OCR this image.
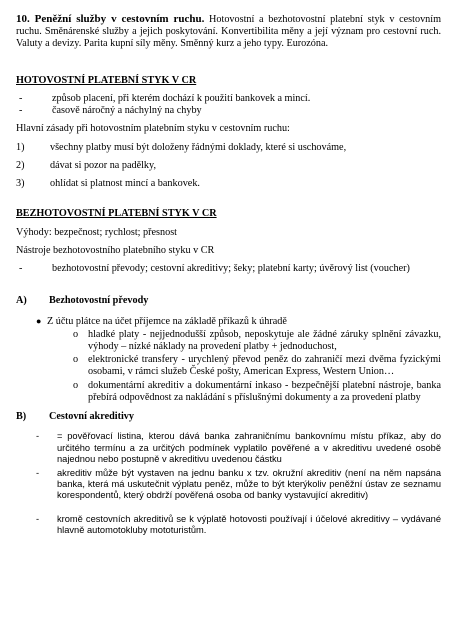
10. Peněžní služby v cestovním ruchu. Hotovostní a bezhotovostní platební styk v cestovním ruchu. Směnárenské služby a jejich poskytování. Konvertibilita měny a její význam pro cestovní ruch. Valuty a devizy. Parita kupní síly měny. Směnný kurz a jeho typy. Eurozóna.

HOTOVOSTNÍ PLATEBNÍ STYK V CR
-	způsob placení, při kterém dochází k použití bankovek a mincí.
-	časově náročný a náchylný na chyby

Hlavní zásady při hotovostním platebním styku v cestovním ruchu:

1)	všechny platby musí být doloženy řádnými doklady, které si uschováme,
2)	dávat si pozor na padělky,
3)	ohlídat si platnost mincí a bankovek.
BEZHOTOVOSTNÍ PLATEBNÍ STYK V CR

Výhody: bezpečnost; rychlost; přesnost

Nástroje bezhotovostního platebního styku v CR

-	bezhotovostní převody; cestovní akreditivy; šeky; platební karty; úvěrový list (voucher)
A)	Bezhotovostní převody
● Z účtu plátce na účet příjemce na základě příkazů k úhradě
o hladké platy - nejjednodušší způsob, neposkytuje ale žádné záruky splnění závazku, výhody – nízké náklady na provedení platby + jednoduchost,
o elektronické transfery - urychlený převod peněz do zahraničí mezi dvěma fyzickými osobami, v rámci služeb České pošty, American Express, Western Union…
o dokumentární akreditiv a dokumentární inkaso - bezpečnější platební nástroje, banka přebírá odpovědnost za nakládání s příslušnými dokumenty a za provedení platby
B)	Cestovní akreditivy
-	= pověřovací listina, kterou dává banka zahraničnímu bankovnímu místu příkaz, aby do určitého termínu a za určitých podmínek vyplatilo pověřené a v akreditivu uvedené osobě najednou nebo postupně v akreditivu uvedenou částku
-	akreditiv může být vystaven na jednu banku x tzv. okružní akreditiv (není na něm napsána banka, která má uskutečnit výplatu peněz, může to být kterýkoliv peněžní ústav ze seznamu korespondentů, který obdrží pověřená osoba od banky vystavující akreditiv)
-	kromě cestovních akreditivů se k výplatě hotovosti používají i účelové akreditivy – vydávané hlavně automotokluby mototuristům.
